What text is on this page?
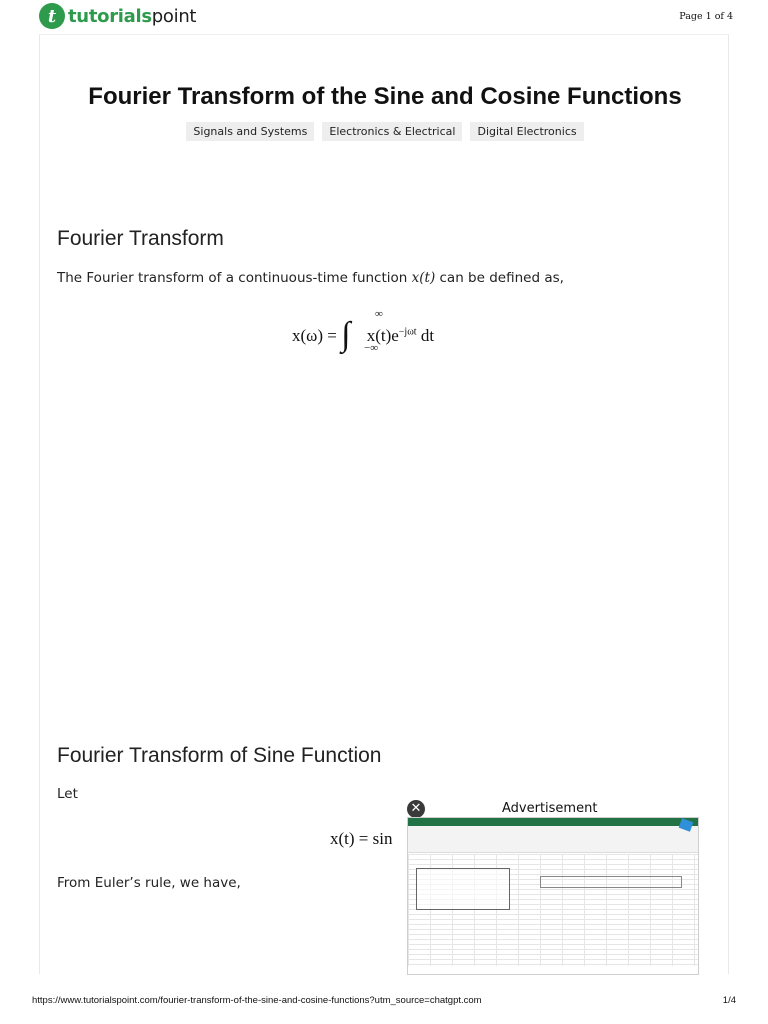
t tutorialspoint	Page 1 of 4
Fourier Transform of the Sine and Cosine Functions
Signals and Systems	Electronics & Electrical	Digital Electronics
Fourier Transform
The Fourier transform of a continuous-time function x(t) can be defined as,
x(ω) = ∫
∞
−∞
$x(t)e^{-j\omega t}$ dt
Fourier Transform of Sine Function
Let
x(t) = sin
From Euler’s rule, we have,
✕	Advertisement
https://www.tutorialspoint.com/fourier-transform-of-the-sine-and-cosine-functions?utm_source=chatgpt.com	1/4
